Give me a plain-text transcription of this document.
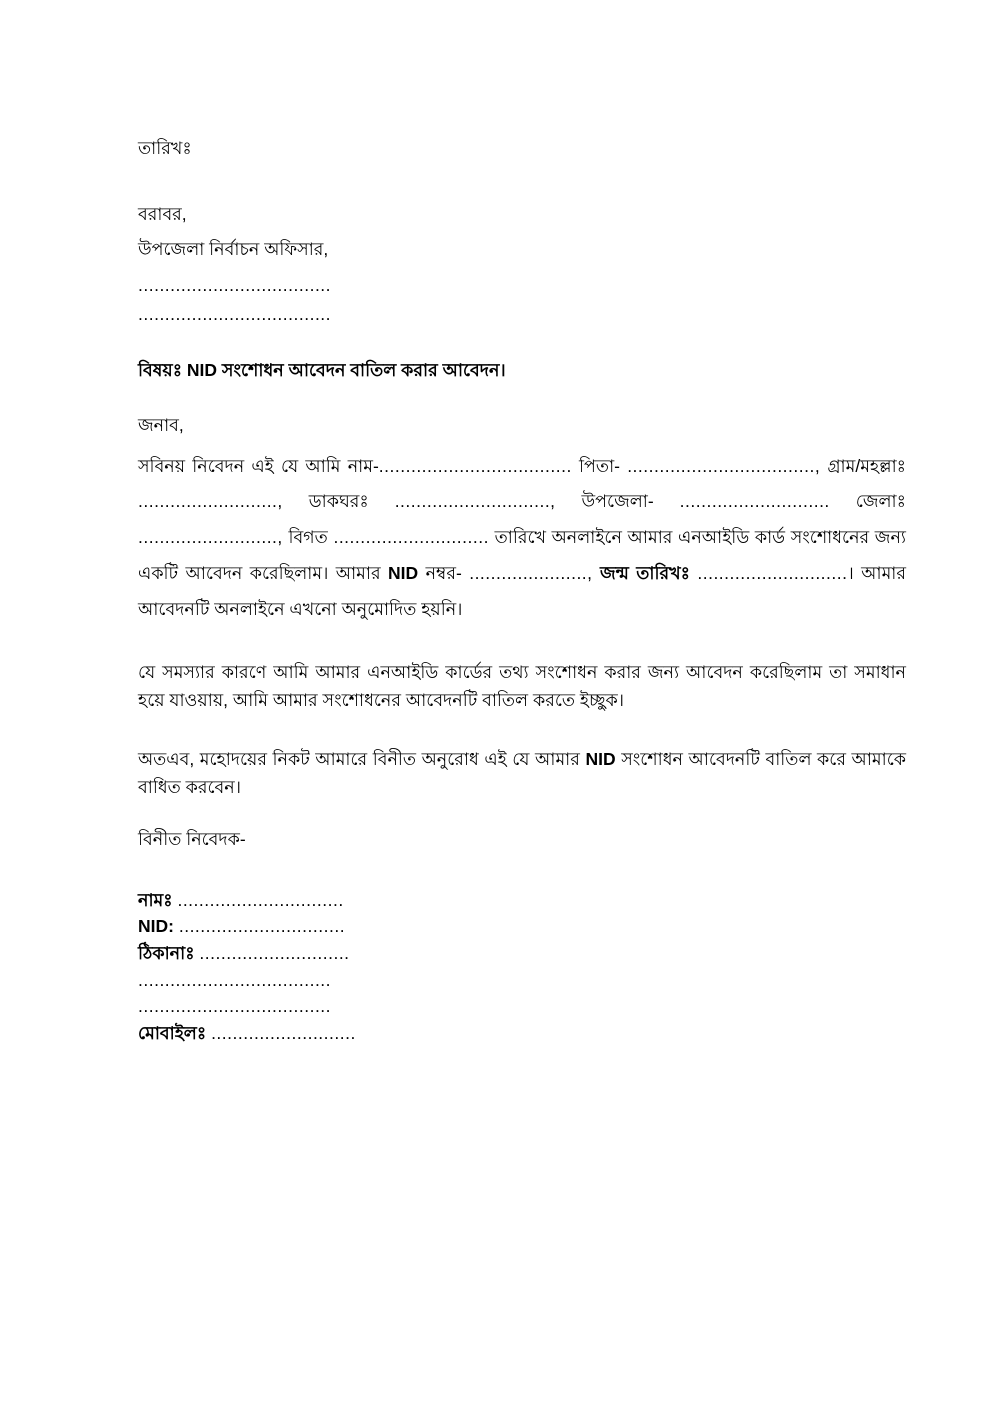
তারিখঃ
বরাবর,
উপজেলা নির্বাচন অফিসার,
....................................
....................................
বিষয়ঃ NID সংশোধন আবেদন বাতিল করার আবেদন।
জনাব,
সবিনয় নিবেদন এই যে আমি নাম-.................................... পিতা- ..................................., গ্রাম/মহল্লাঃ .........................., ডাকঘরঃ ............................., উপজেলা- ............................ জেলাঃ .........................., বিগত ............................. তারিখে অনলাইনে আমার এনআইডি কার্ড সংশোধনের জন্য একটি আবেদন করেছিলাম। আমার NID নম্বর- ......................, জন্ম তারিখঃ ............................। আমার আবেদনটি অনলাইনে এখনো অনুমোদিত হয়নি।
যে সমস্যার কারণে আমি আমার এনআইডি কার্ডের তথ্য সংশোধন করার জন্য আবেদন করেছিলাম তা সমাধান হয়ে যাওয়ায়, আমি আমার সংশোধনের আবেদনটি বাতিল করতে ইচ্ছুক।
অতএব, মহোদয়ের নিকট আমারে বিনীত অনুরোধ এই যে আমার NID সংশোধন আবেদনটি বাতিল করে আমাকে বাধিত করবেন।
বিনীত নিবেদক-
নামঃ ...............................
NID: ...............................
ঠিকানাঃ ............................
....................................
....................................
মোবাইলঃ ...........................
